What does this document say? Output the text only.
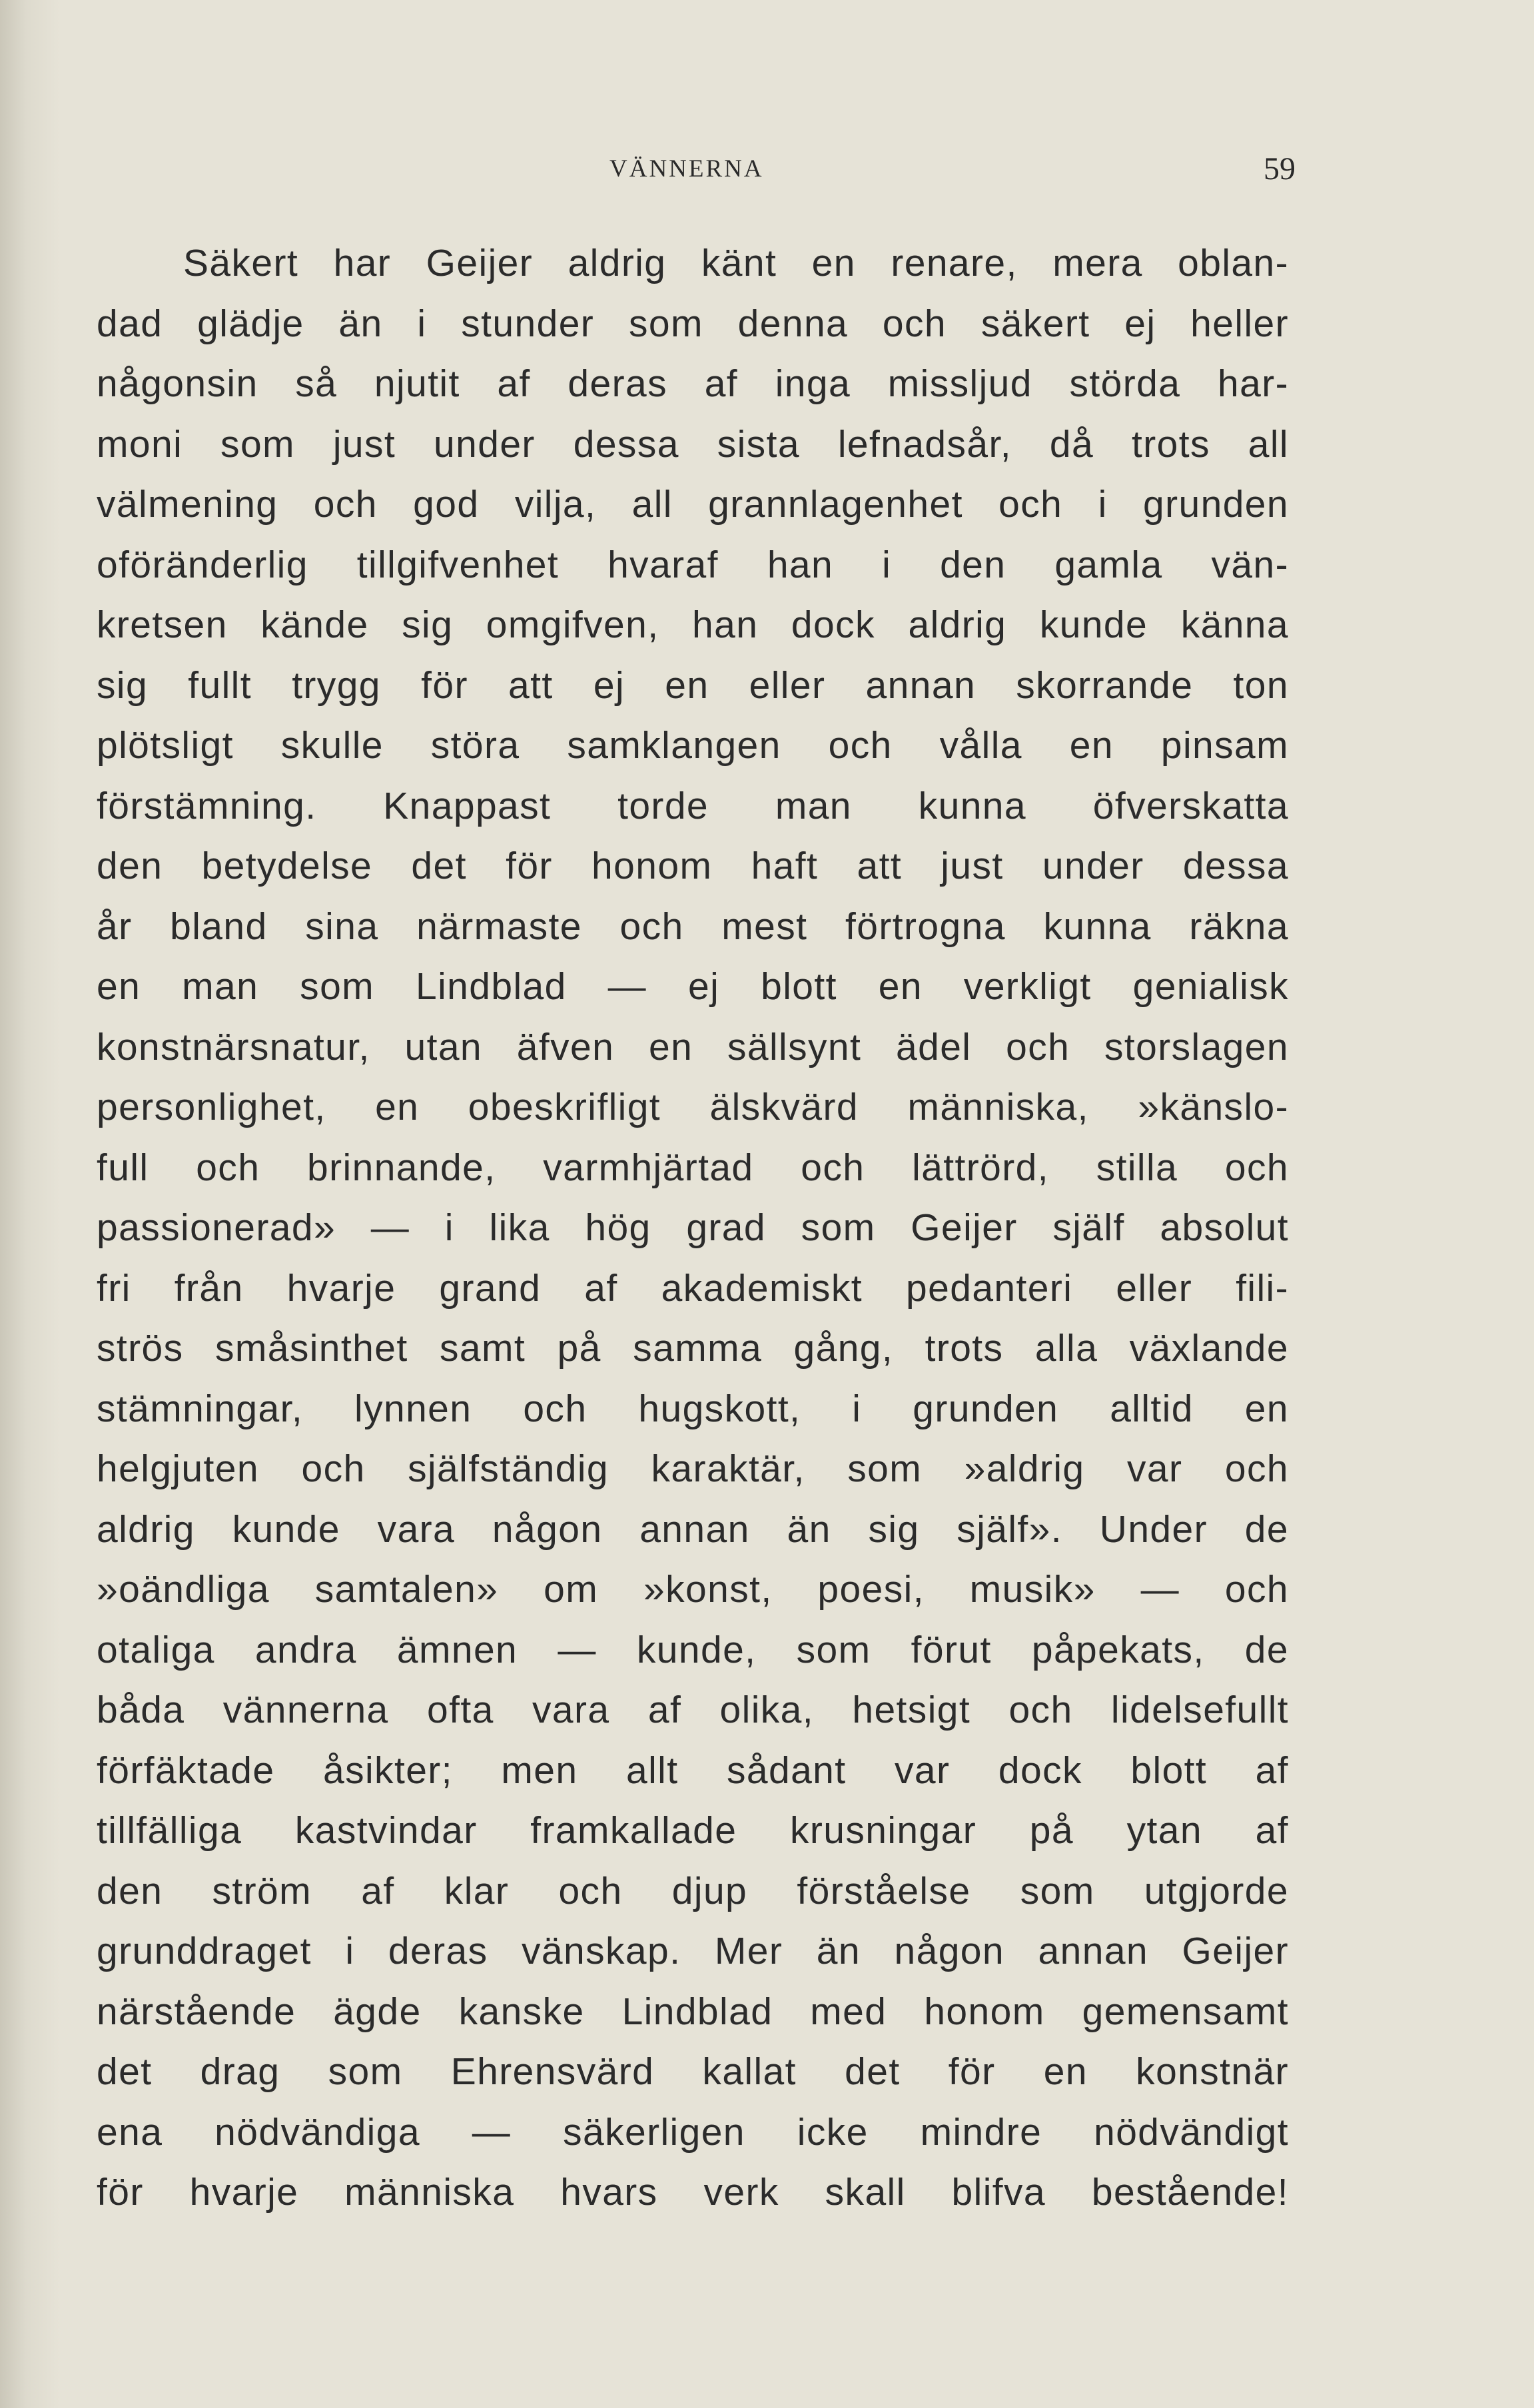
VÄNNERNA	59
Säkert har Geijer aldrig känt en renare, mera oblan-
dad glädje än i stunder som denna och säkert ej heller
någonsin så njutit af deras af inga missljud störda har-
moni som just under dessa sista lefnadsår, då trots all
välmening och god vilja, all grannlagenhet och i grunden
oföränderlig tillgifvenhet hvaraf han i den gamla vän-
kretsen kände sig omgifven, han dock aldrig kunde känna
sig fullt trygg för att ej en eller annan skorrande ton
plötsligt skulle störa samklangen och vålla en pinsam
förstämning. Knappast torde man kunna öfverskatta
den betydelse det för honom haft att just under dessa
år bland sina närmaste och mest förtrogna kunna räkna
en man som Lindblad — ej blott en verkligt genialisk
konstnärsnatur, utan äfven en sällsynt ädel och storslagen
personlighet, en obeskrifligt älskvärd människa, »känslo-
full och brinnande, varmhjärtad och lättrörd, stilla och
passionerad» — i lika hög grad som Geijer själf absolut
fri från hvarje grand af akademiskt pedanteri eller fili-
strös småsinthet samt på samma gång, trots alla växlande
stämningar, lynnen och hugskott, i grunden alltid en
helgjuten och själfständig karaktär, som »aldrig var och
aldrig kunde vara någon annan än sig själf». Under de
»oändliga samtalen» om »konst, poesi, musik» — och
otaliga andra ämnen — kunde, som förut påpekats, de
båda vännerna ofta vara af olika, hetsigt och lidelsefullt
förfäktade åsikter; men allt sådant var dock blott af
tillfälliga kastvindar framkallade krusningar på ytan af
den ström af klar och djup förståelse som utgjorde
grunddraget i deras vänskap. Mer än någon annan Geijer
närstående ägde kanske Lindblad med honom gemensamt
det drag som Ehrensvärd kallat det för en konstnär
ena nödvändiga — säkerligen icke mindre nödvändigt
för hvarje människa hvars verk skall blifva bestående!
